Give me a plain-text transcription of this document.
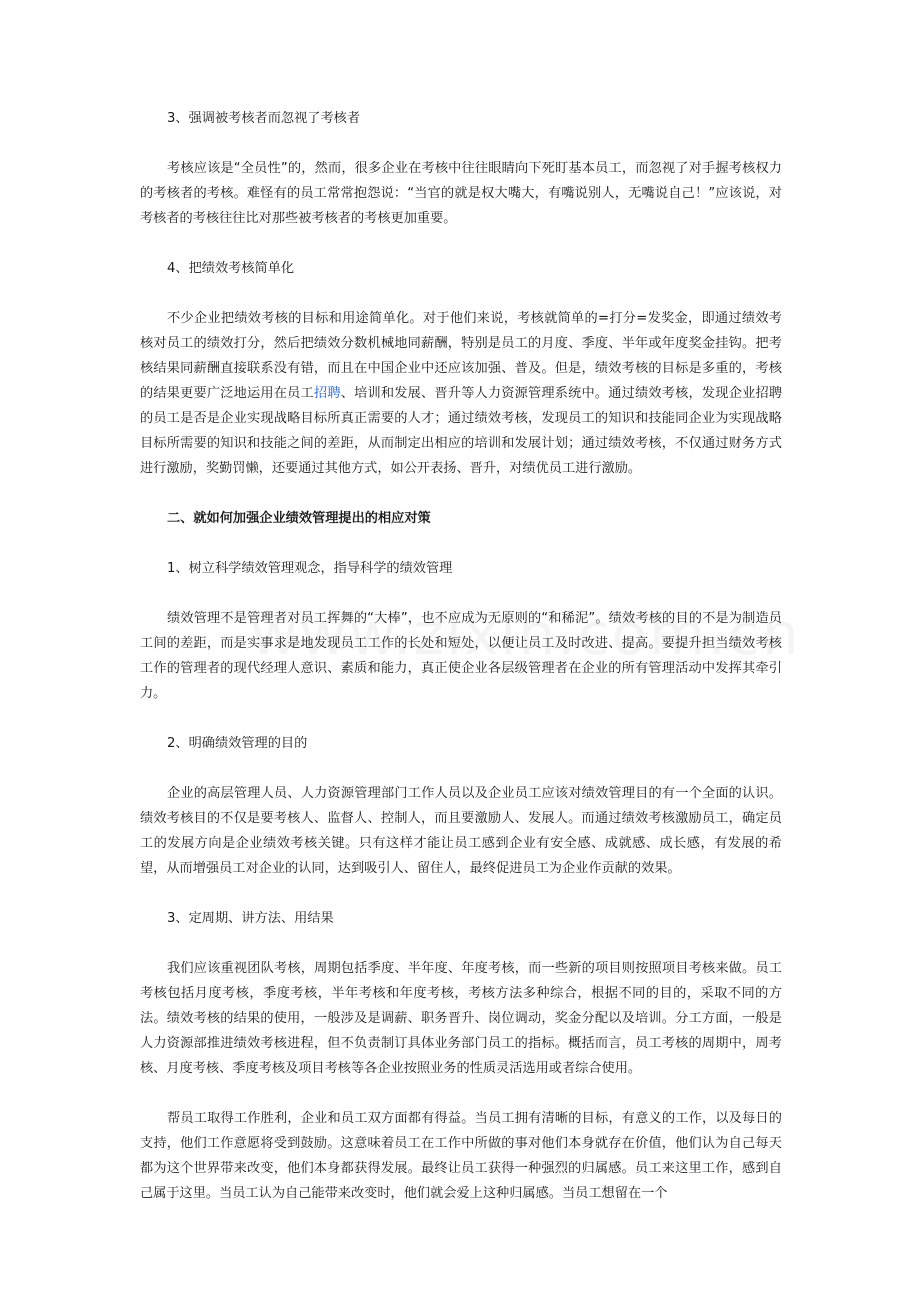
3、强调被考核者而忽视了考核者

考核应该是“全员性”的，然而，很多企业在考核中往往眼睛向下死盯基本员工，而忽视了对手握考核权力的考核者的考核。难怪有的员工常常抱怨说：“当官的就是权大嘴大，有嘴说别人，无嘴说自己！”应该说，对考核者的考核往往比对那些被考核者的考核更加重要。

4、把绩效考核简单化

不少企业把绩效考核的目标和用途简单化。对于他们来说，考核就简单的=打分=发奖金，即通过绩效考核对员工的绩效打分，然后把绩效分数机械地同薪酬，特别是员工的月度、季度、半年或年度奖金挂钩。把考核结果同薪酬直接联系没有错，而且在中国企业中还应该加强、普及。但是，绩效考核的目标是多重的，考核的结果更要广泛地运用在员工招聘、培训和发展、晋升等人力资源管理系统中。通过绩效考核，发现企业招聘的员工是否是企业实现战略目标所真正需要的人才；通过绩效考核，发现员工的知识和技能同企业为实现战略目标所需要的知识和技能之间的差距，从而制定出相应的培训和发展计划；通过绩效考核，不仅通过财务方式进行激励，奖勤罚懒，还要通过其他方式，如公开表扬、晋升，对绩优员工进行激励。

二、就如何加强企业绩效管理提出的相应对策

1、树立科学绩效管理观念，指导科学的绩效管理

绩效管理不是管理者对员工挥舞的“大棒”，也不应成为无原则的“和稀泥”。绩效考核的目的不是为制造员工间的差距，而是实事求是地发现员工工作的长处和短处，以便让员工及时改进、提高。要提升担当绩效考核工作的管理者的现代经理人意识、素质和能力，真正使企业各层级管理者在企业的所有管理活动中发挥其牵引力。

2、明确绩效管理的目的

企业的高层管理人员、人力资源管理部门工作人员以及企业员工应该对绩效管理目的有一个全面的认识。绩效考核目的不仅是要考核人、监督人、控制人，而且要激励人、发展人。而通过绩效考核激励员工，确定员工的发展方向是企业绩效考核关键。只有这样才能让员工感到企业有安全感、成就感、成长感，有发展的希望，从而增强员工对企业的认同，达到吸引人、留住人，最终促进员工为企业作贡献的效果。

3、定周期、讲方法、用结果

我们应该重视团队考核，周期包括季度、半年度、年度考核，而一些新的项目则按照项目考核来做。员工考核包括月度考核，季度考核，半年考核和年度考核，考核方法多种综合，根据不同的目的，采取不同的方法。绩效考核的结果的使用，一般涉及是调薪、职务晋升、岗位调动，奖金分配以及培训。分工方面，一般是人力资源部推进绩效考核进程，但不负责制订具体业务部门员工的指标。概括而言，员工考核的周期中，周考核、月度考核、季度考核及项目考核等各企业按照业务的性质灵活选用或者综合使用。

帮员工取得工作胜利，企业和员工双方面都有得益。当员工拥有清晰的目标，有意义的工作，以及每日的支持，他们工作意愿将受到鼓励。这意味着员工在工作中所做的事对他们本身就存在价值，他们认为自己每天都为这个世界带来改变，他们本身都获得发展。最终让员工获得一种强烈的归属感。员工来这里工作，感到自己属于这里。当员工认为自己能带来改变时，他们就会爱上这种归属感。当员工想留在一个
